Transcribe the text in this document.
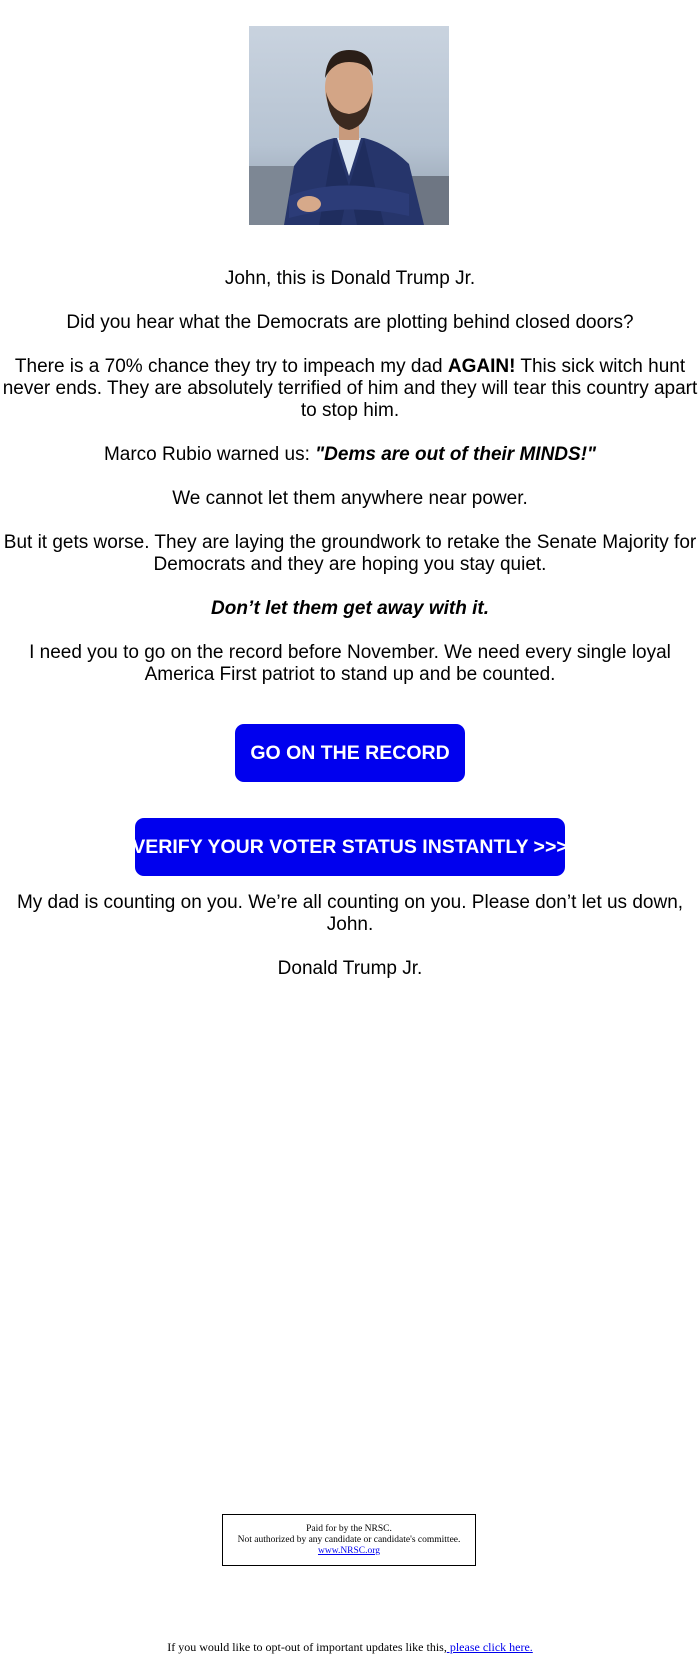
John, this is Donald Trump Jr.

Did you hear what the Democrats are plotting behind closed doors?

There is a 70% chance they try to impeach my dad AGAIN! This sick witch hunt never ends. They are absolutely terrified of him and they will tear this country apart to stop him.

Marco Rubio warned us: "Dems are out of their MINDS!"

We cannot let them anywhere near power.

But it gets worse. They are laying the groundwork to retake the Senate Majority for Democrats and they are hoping you stay quiet.

Don’t let them get away with it.

I need you to go on the record before November. We need every single loyal America First patriot to stand up and be counted.

GO ON THE RECORD
VERIFY YOUR VOTER STATUS INSTANTLY >>>

My dad is counting on you. We’re all counting on you. Please don’t let us down, John.

Donald Trump Jr.

Paid for by the NRSC.
Not authorized by any candidate or candidate's committee.
www.NRSC.org
If you would like to opt-out of important updates like this, please click here.
